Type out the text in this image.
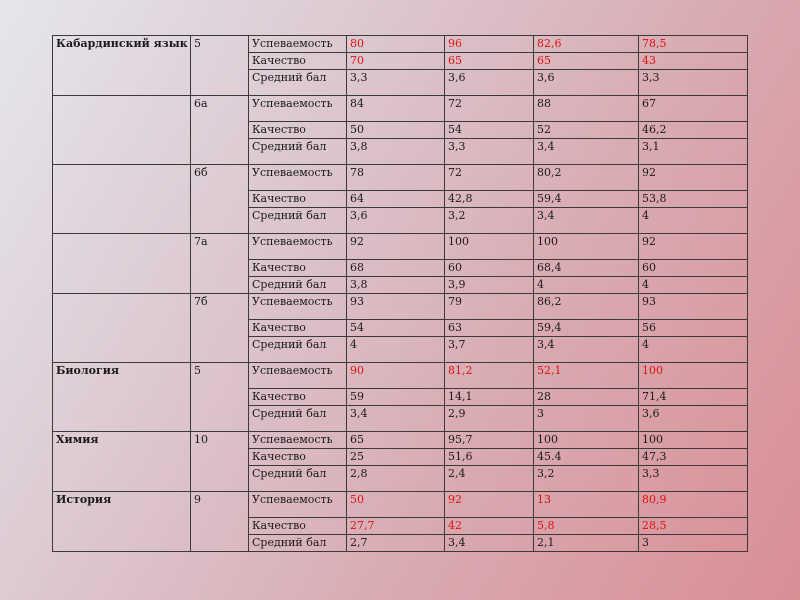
Кабардинский язык	5	Успеваемость	80	96	82,6	78,5
		Качество	70	65	65	43
		Средний бал	3,3	3,6	3,6	3,3
	6а	Успеваемость	84	72	88	67
		Качество	50	54	52	46,2
		Средний бал	3,8	3,3	3,4	3,1
	6б	Успеваемость	78	72	80,2	92
		Качество	64	42,8	59,4	53,8
		Средний бал	3,6	3,2	3,4	4
	7а	Успеваемость	92	100	100	92
		Качество	68	60	68,4	60
		Средний бал	3,8	3,9	4	4
	7б	Успеваемость	93	79	86,2	93
		Качество	54	63	59,4	56
		Средний бал	4	3,7	3,4	4
Биология	5	Успеваемость	90	81,2	52,1	100
		Качество	59	14,1	28	71,4
		Средний бал	3,4	2,9	3	3,6
Химия	10	Успеваемость	65	95,7	100	100
		Качество	25	51,6	45.4	47,3
		Средний бал	2,8	2,4	3,2	3,3
История	9	Успеваемость	50	92	13	80,9
		Качество	27,7	42	5,8	28,5
		Средний бал	2,7	3,4	2,1	3
